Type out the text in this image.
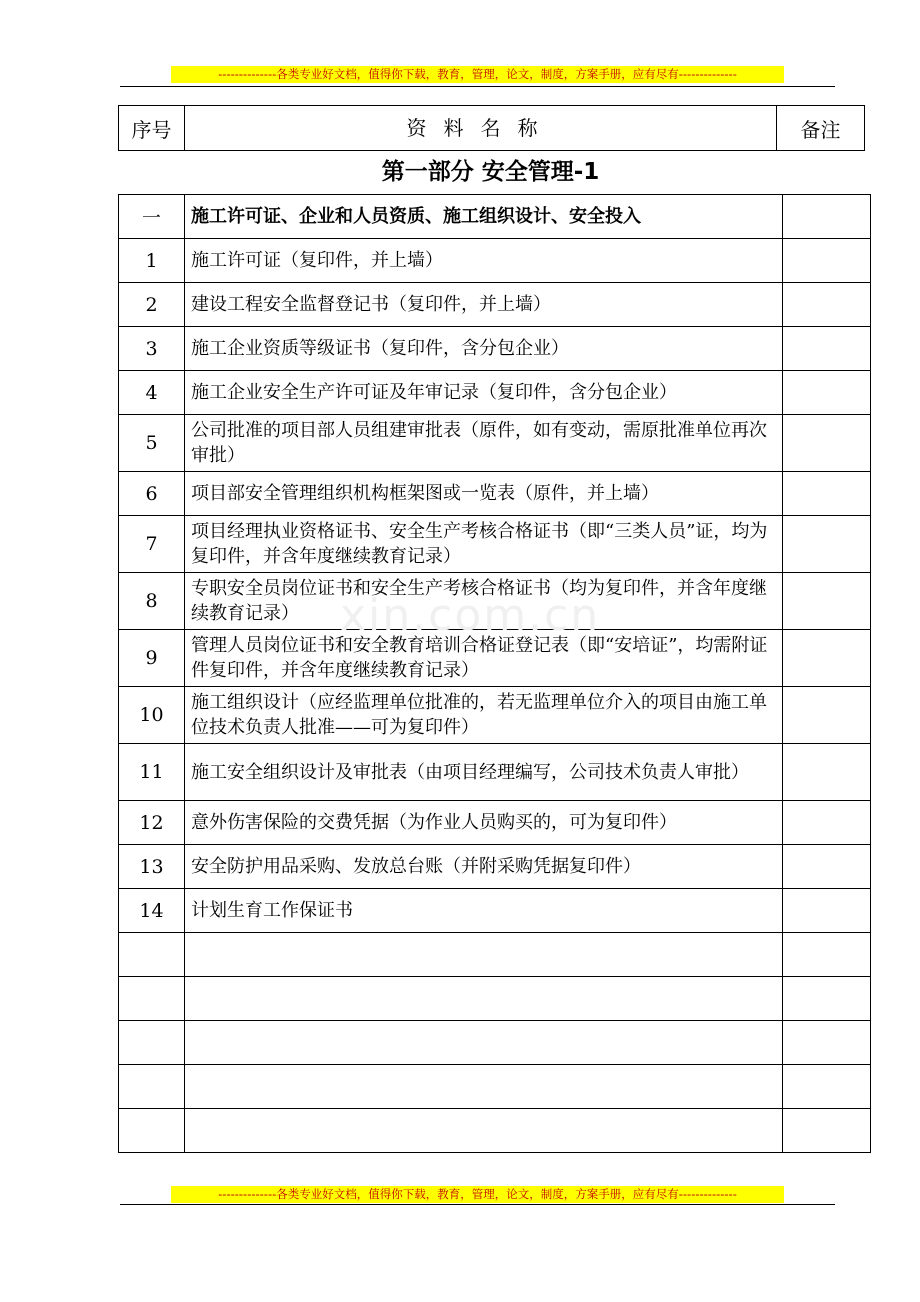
--------------各类专业好文档，值得你下载，教育，管理，论文，制度，方案手册，应有尽有--------------
序号	资料名称	备注
第一部分 安全管理-1
一	施工许可证、企业和人员资质、施工组织设计、安全投入	
1	施工许可证（复印件，并上墙）	
2	建设工程安全监督登记书（复印件，并上墙）	
3	施工企业资质等级证书（复印件，含分包企业）	
4	施工企业安全生产许可证及年审记录（复印件，含分包企业）	
5	公司批准的项目部人员组建审批表（原件，如有变动，需原批准单位再次审批）	
6	项目部安全管理组织机构框架图或一览表（原件，并上墙）	
7	项目经理执业资格证书、安全生产考核合格证书（即“三类人员”证，均为复印件，并含年度继续教育记录）	
8	专职安全员岗位证书和安全生产考核合格证书（均为复印件，并含年度继续教育记录）	
9	管理人员岗位证书和安全教育培训合格证登记表（即“安培证”，均需附证件复印件，并含年度继续教育记录）	
10	施工组织设计（应经监理单位批准的，若无监理单位介入的项目由施工单位技术负责人批准——可为复印件）	
11	施工安全组织设计及审批表（由项目经理编写，公司技术负责人审批）	
12	意外伤害保险的交费凭据（为作业人员购买的，可为复印件）	
13	安全防护用品采购、发放总台账（并附采购凭据复印件）	
14	计划生育工作保证书	

xin.com.cn
--------------各类专业好文档，值得你下载，教育，管理，论文，制度，方案手册，应有尽有--------------
